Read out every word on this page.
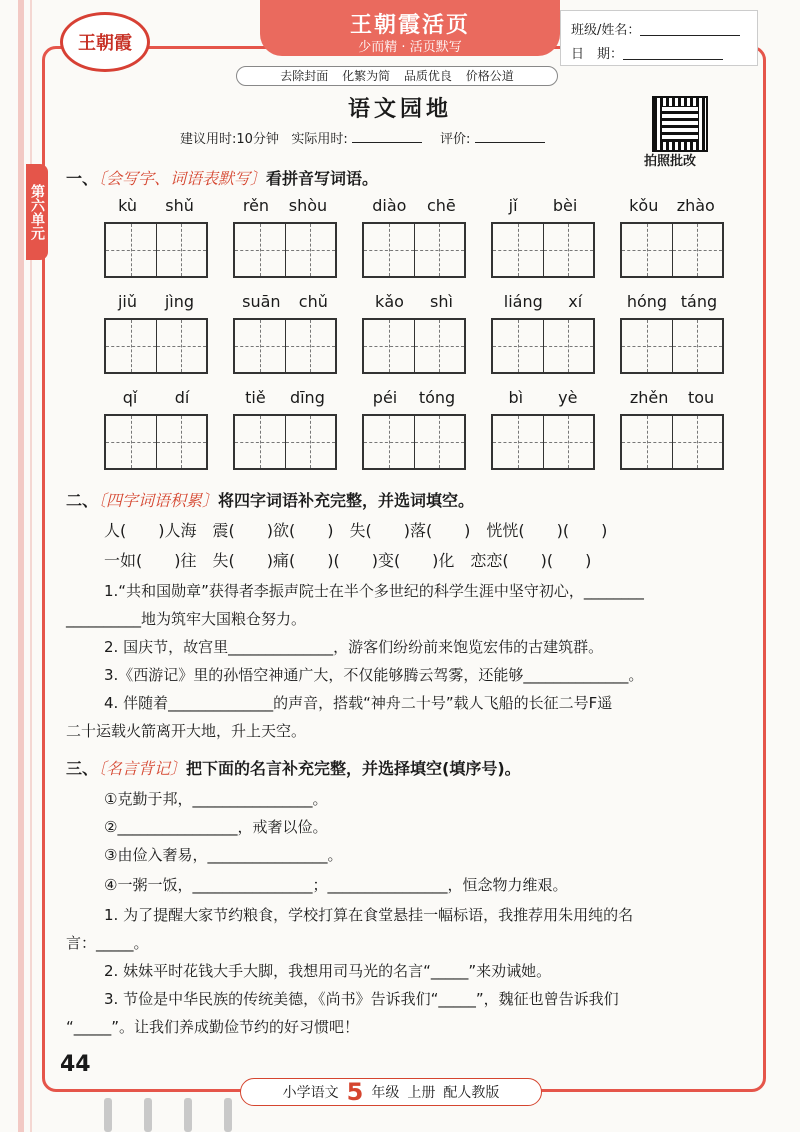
王朝霞
王朝霞活页
少而精 · 活页默写
去除封面 化繁为简 品质优良 价格公道
班级/姓名：
日　期：
语文园地
建议用时:10分钟 实际用时:	评价:
拍照批改
第六单元
一、〔会写字、词语表默写〕看拼音写词语。
kù shǔ	rěn shòu	diào chē	jǐ bèi	kǒu zhào
jiǔ jìng	suān chǔ	kǎo shì	liáng xí	hóng táng
qǐ dí	tiě dīng	péi tóng	bì yè	zhěn tou
二、〔四字词语积累〕将四字词语补充完整，并选词填空。
人(　　)人海　震(　　)欲(　　)　失(　　)落(　　)　恍恍(　　)(　　)
一如(　　)往　失(　　)痛(　　)(　　)变(　　)化　恋恋(　　)(　　)
1.“共和国勋章”获得者李振声院士在半个多世纪的科学生涯中坚守初心，________
__________地为筑牢大国粮仓努力。
2. 国庆节，故宫里______________，游客们纷纷前来饱览宏伟的古建筑群。
3.《西游记》里的孙悟空神通广大，不仅能够腾云驾雾，还能够______________。
4. 伴随着______________的声音，搭载“神舟二十号”载人飞船的长征二号F遥
二十运载火箭离开大地，升上天空。
三、〔名言背记〕把下面的名言补充完整，并选择填空(填序号)。
①克勤于邦，________________。
②________________，戒奢以俭。
③由俭入奢易，________________。
④一粥一饭，________________；________________，恒念物力维艰。
1. 为了提醒大家节约粮食，学校打算在食堂悬挂一幅标语，我推荐用朱用纯的名
言：_____。
2. 妹妹平时花钱大手大脚，我想用司马光的名言“_____”来劝诫她。
3. 节俭是中华民族的传统美德，《尚书》告诉我们“_____”，魏征也曾告诉我们
“_____”。让我们养成勤俭节约的好习惯吧！
44
小学语文 5 年级 上册 配人教版
